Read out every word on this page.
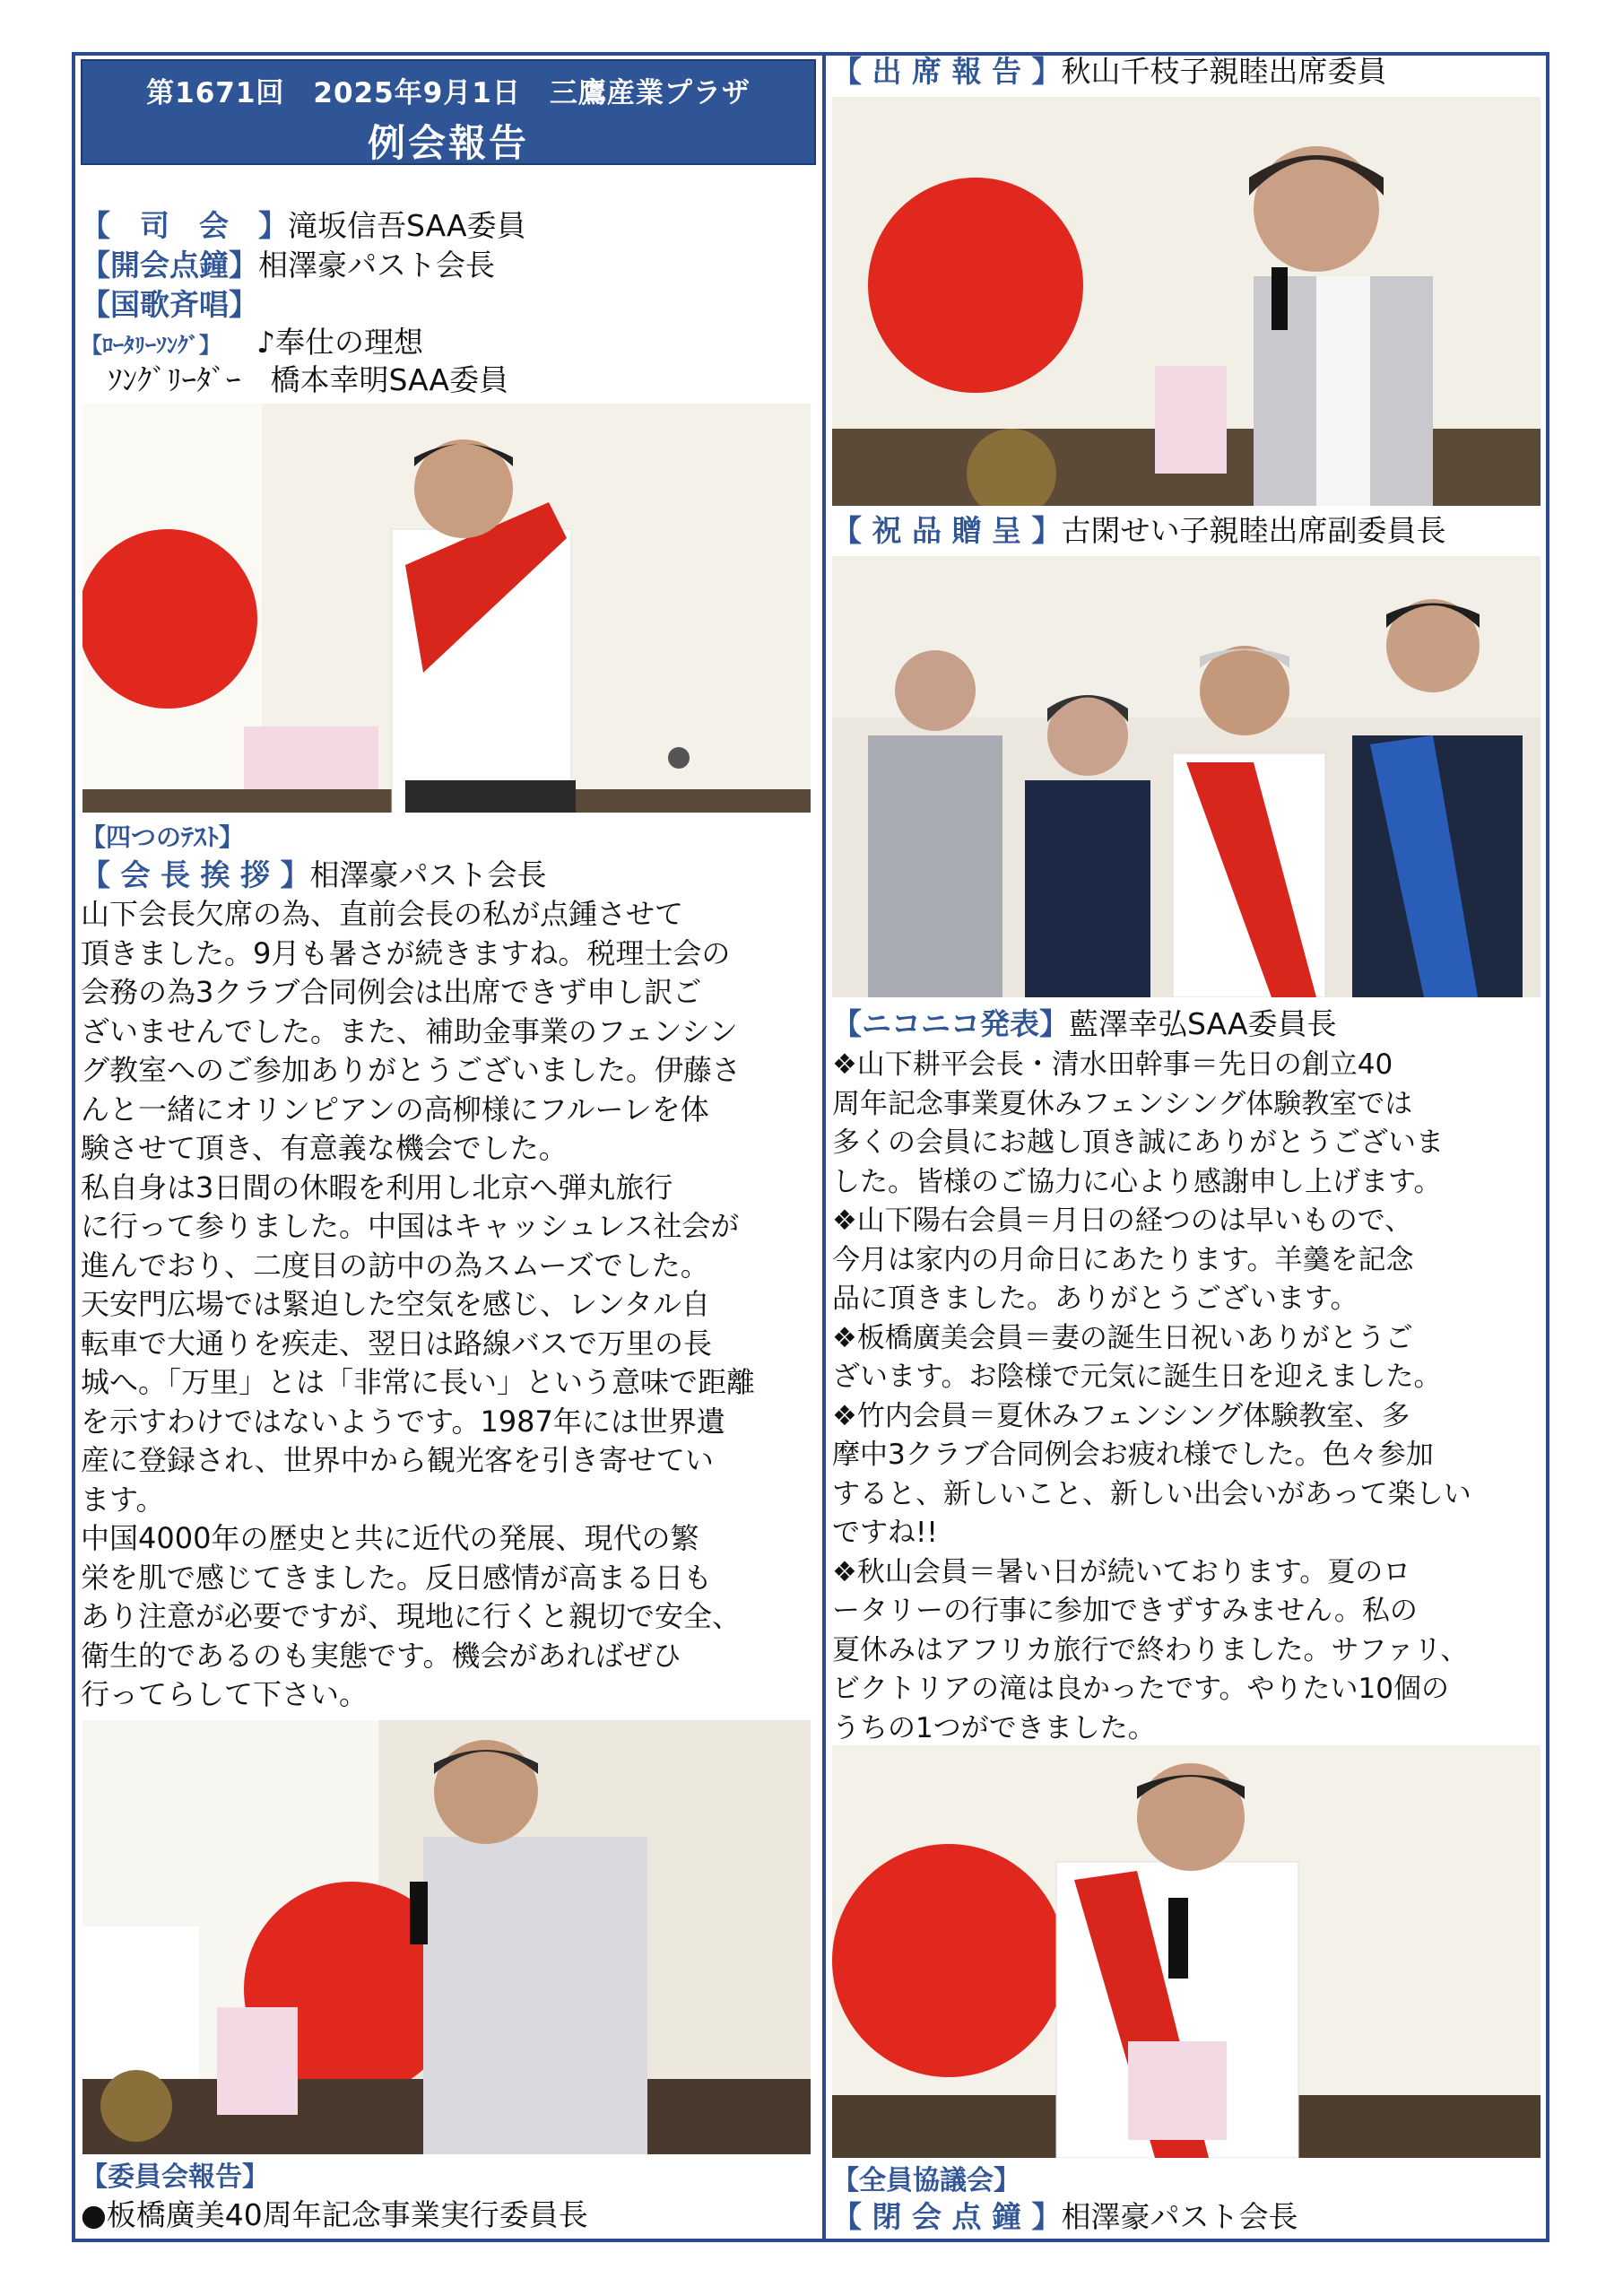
第1671回　2025年9月1日　三鷹産業プラザ
例会報告
【　司　会　】滝坂信吾SAA委員
【開会点鐘】相澤豪パスト会長
【国歌斉唱】
【ﾛｰﾀﾘｰｿﾝｸﾞ】 ♪奉仕の理想
ｿﾝｸﾞﾘｰﾀﾞｰ　橋本幸明SAA委員
【四つのﾃｽﾄ】
【 会 長 挨 拶 】相澤豪パスト会長

山下会長欠席の為、直前会長の私が点鍾させて

頂きました。9月も暑さが続きますね。税理士会の

会務の為3クラブ合同例会は出席できず申し訳ご

ざいませんでした。また、補助金事業のフェンシン

グ教室へのご参加ありがとうございました。伊藤さ

んと一緒にオリンピアンの高柳様にフルーレを体

験させて頂き、有意義な機会でした。

私自身は3日間の休暇を利用し北京へ弾丸旅行

に行って参りました。中国はキャッシュレス社会が

進んでおり、二度目の訪中の為スムーズでした。

天安門広場では緊迫した空気を感じ、レンタル自

転車で大通りを疾走、翌日は路線バスで万里の長

城へ。「万里」とは「非常に長い」という意味で距離

を示すわけではないようです。1987年には世界遺

産に登録され、世界中から観光客を引き寄せてい

ます。

中国4000年の歴史と共に近代の発展、現代の繁

栄を肌で感じてきました。反日感情が高まる日も

あり注意が必要ですが、現地に行くと親切で安全、

衛生的であるのも実態です。機会があればぜひ

行ってらして下さい。

【委員会報告】
●板橋廣美40周年記念事業実行委員長
【 出 席 報 告 】秋山千枝子親睦出席委員
【 祝 品 贈 呈 】古閑せい子親睦出席副委員長
【ニコニコ発表】藍澤幸弘SAA委員長

❖山下耕平会長・清水田幹事＝先日の創立40

周年記念事業夏休みフェンシング体験教室では

多くの会員にお越し頂き誠にありがとうございま

した。皆様のご協力に心より感謝申し上げます。

❖山下陽右会員＝月日の経つのは早いもので、

今月は家内の月命日にあたります。羊羹を記念

品に頂きました。ありがとうございます。

❖板橋廣美会員＝妻の誕生日祝いありがとうご

ざいます。お陰様で元気に誕生日を迎えました。

❖竹内会員＝夏休みフェンシング体験教室、多

摩中3クラブ合同例会お疲れ様でした。色々参加

すると、新しいこと、新しい出会いがあって楽しい

ですね!!

❖秋山会員＝暑い日が続いております。夏のロ

ータリーの行事に参加できずすみません。私の

夏休みはアフリカ旅行で終わりました。サファリ、

ビクトリアの滝は良かったです。やりたい10個の

うちの1つができました。

【全員協議会】
【 閉 会 点 鐘 】相澤豪パスト会長
